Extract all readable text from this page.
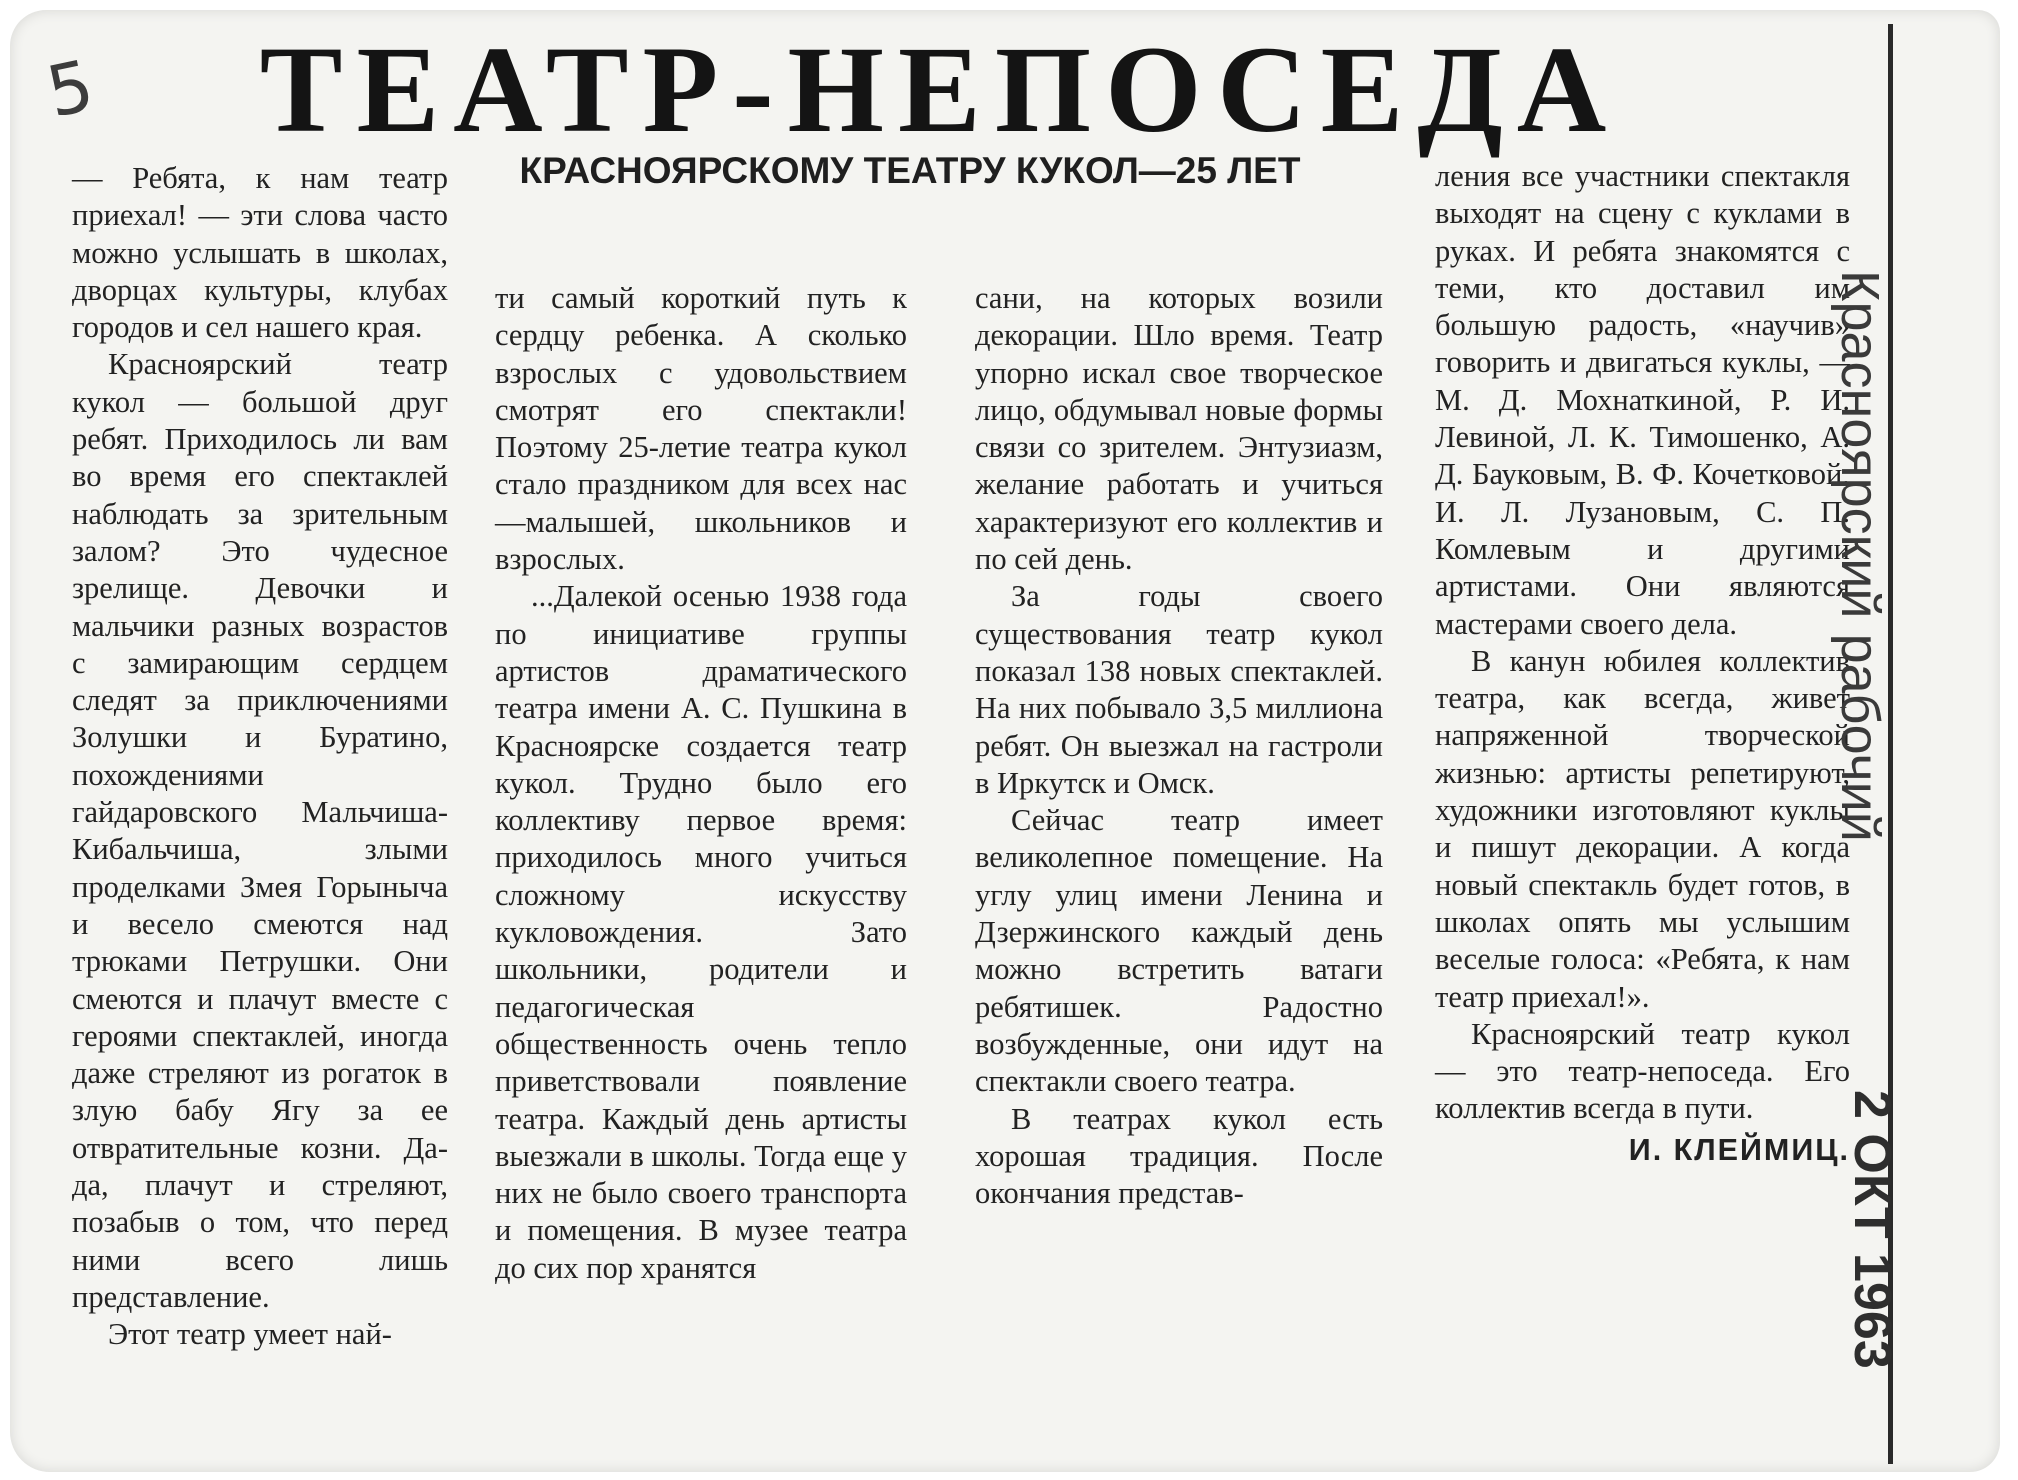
5 ТЕАТР-НЕПОСЕДА
КРАСНОЯРСКОМУ ТЕАТРУ КУКОЛ—25 ЛЕТ

— Ребята, к нам театр приехал! — эти слова часто можно услышать в школах, дворцах культуры, клубах городов и сел нашего края.

Красноярский театр кукол — большой друг ребят. Приходилось ли вам во время его спектаклей наблюдать за зрительным залом? Это чудесное зрелище. Девочки и мальчики разных возрастов с замирающим сердцем следят за приключениями Золушки и Буратино, похождениями гайдаровского Мальчиша-Кибальчиша, злыми проделками Змея Горыныча и весело смеются над трюками Петрушки. Они смеются и плачут вместе с героями спектаклей, иногда даже стреляют из рогаток в злую бабу Ягу за ее отвратительные козни. Да-да, плачут и стреляют, позабыв о том, что перед ними всего лишь представление.

Этот театр умеет най-

ти самый короткий путь к сердцу ребенка. А сколько взрослых с удовольствием смотрят его спектакли! Поэтому 25-летие театра кукол стало праздником для всех нас—малышей, школьников и взрослых.

...Далекой осенью 1938 года по инициативе группы артистов драматического театра имени А. С. Пушкина в Красноярске создается театр кукол. Трудно было его коллективу первое время: приходилось много учиться сложному искусству кукловождения. Зато школьники, родители и педагогическая общественность очень тепло приветствовали появление театра. Каждый день артисты выезжали в школы. Тогда еще у них не было своего транспорта и помещения. В музее театра до сих пор хранятся

сани, на которых возили декорации. Шло время. Театр упорно искал свое творческое лицо, обдумывал новые формы связи со зрителем. Энтузиазм, желание работать и учиться характеризуют его коллектив и по сей день.

За годы своего существования театр кукол показал 138 новых спектаклей. На них побывало 3,5 миллиона ребят. Он выезжал на гастроли в Иркутск и Омск.

Сейчас театр имеет великолепное помещение. На углу улиц имени Ленина и Дзержинского каждый день можно встретить ватаги ребятишек. Радостно возбужденные, они идут на спектакли своего театра.

В театрах кукол есть хорошая традиция. После окончания представ-

ления все участники спектакля выходят на сцену с куклами в руках. И ребята знакомятся с теми, кто доставил им большую радость, «научив» говорить и двигаться куклы, — М. Д. Мохнаткиной, Р. И. Левиной, Л. К. Тимошенко, А. Д. Бауковым, В. Ф. Кочетковой, И. Л. Лузановым, С. П. Комлевым и другими артистами. Они являются мастерами своего дела.

В канун юбилея коллектив театра, как всегда, живет напряженной творческой жизнью: артисты репетируют, художники изготовляют куклы и пишут декорации. А когда новый спектакль будет готов, в школах опять мы услышим веселые голоса: «Ребята, к нам театр приехал!».

Красноярский театр кукол — это театр-непоседа. Его коллектив всегда в пути.

И. КЛЕЙМИЦ.

Красноярский рабочий
2 ОКТ 1963
